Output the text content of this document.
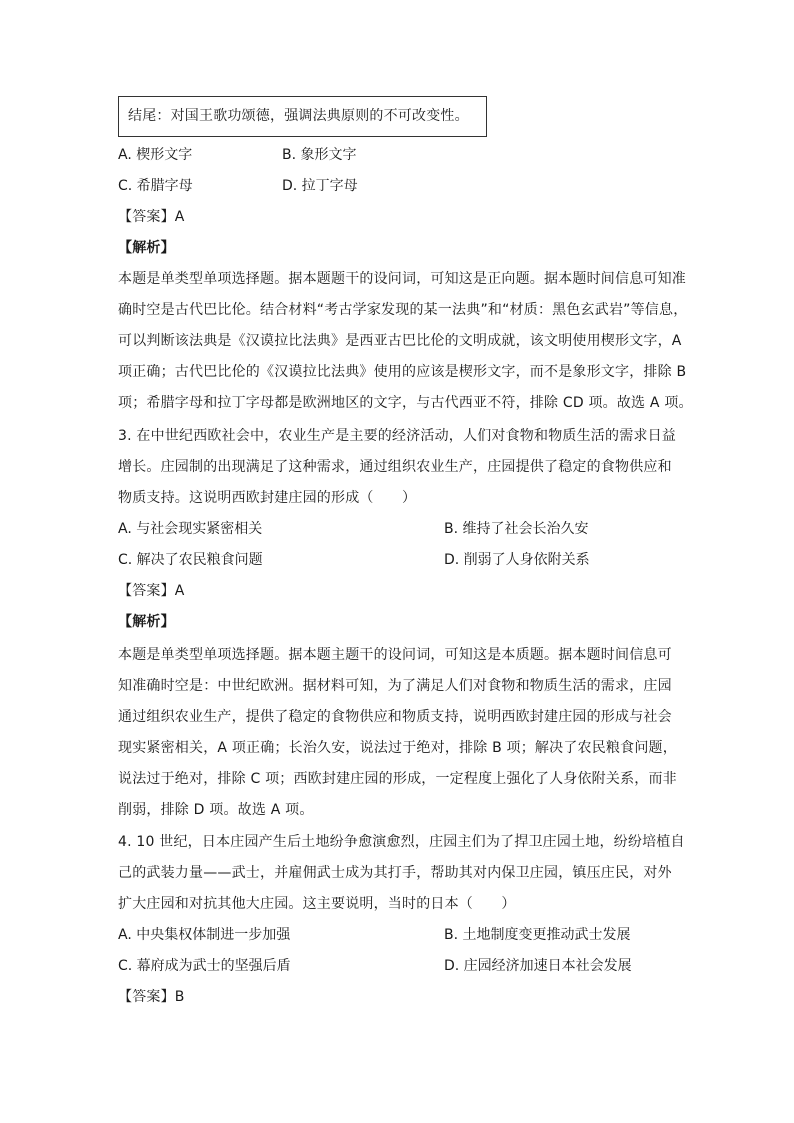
结尾：对国王歌功颂德，强调法典原则的不可改变性。
A. 楔形文字	B. 象形文字
C. 希腊字母	D. 拉丁字母
【答案】A
【解析】
本题是单类型单项选择题。据本题题干的设问词，可知这是正向题。据本题时间信息可知准
确时空是古代巴比伦。结合材料“考古学家发现的某一法典”和“材质：黑色玄武岩”等信息，
可以判断该法典是《汉谟拉比法典》是西亚古巴比伦的文明成就，该文明使用楔形文字，A
项正确；古代巴比伦的《汉谟拉比法典》使用的应该是楔形文字，而不是象形文字，排除 B
项；希腊字母和拉丁字母都是欧洲地区的文字，与古代西亚不符，排除 CD 项。故选 A 项。
3. 在中世纪西欧社会中，农业生产是主要的经济活动，人们对食物和物质生活的需求日益
增长。庄园制的出现满足了这种需求，通过组织农业生产，庄园提供了稳定的食物供应和
物质支持。这说明西欧封建庄园的形成（　　）
A. 与社会现实紧密相关	B. 维持了社会长治久安
C. 解决了农民粮食问题	D. 削弱了人身依附关系
【答案】A
【解析】
本题是单类型单项选择题。据本题主题干的设问词，可知这是本质题。据本题时间信息可
知准确时空是：中世纪欧洲。据材料可知，为了满足人们对食物和物质生活的需求，庄园
通过组织农业生产，提供了稳定的食物供应和物质支持，说明西欧封建庄园的形成与社会
现实紧密相关，A 项正确；长治久安，说法过于绝对，排除 B 项；解决了农民粮食问题，
说法过于绝对，排除 C 项；西欧封建庄园的形成，一定程度上强化了人身依附关系，而非
削弱，排除 D 项。故选 A 项。
4. 10 世纪，日本庄园产生后土地纷争愈演愈烈，庄园主们为了捍卫庄园土地，纷纷培植自
己的武装力量——武士，并雇佣武士成为其打手，帮助其对内保卫庄园，镇压庄民，对外
扩大庄园和对抗其他大庄园。这主要说明，当时的日本（　　）
A. 中央集权体制进一步加强	B. 土地制度变更推动武士发展
C. 幕府成为武士的坚强后盾	D. 庄园经济加速日本社会发展
【答案】B
